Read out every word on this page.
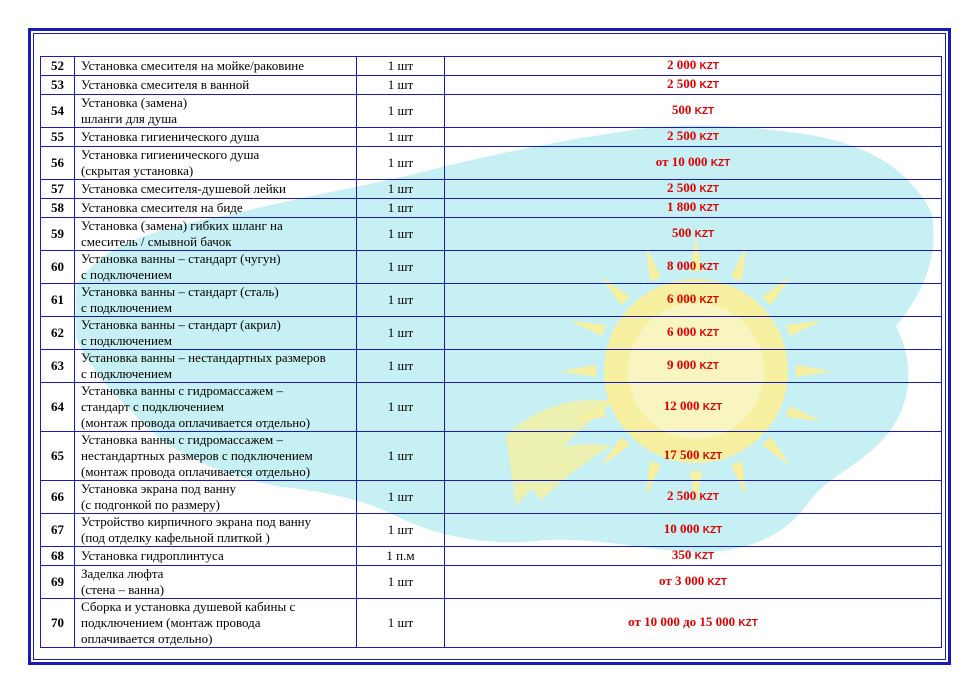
52	Установка смесителя на мойке/раковине	1 шт	2 000 KZT
53	Установка смесителя в ванной	1 шт	2 500 KZT
54	Установка (замена)
шланги для душа	1 шт	500 KZT
55	Установка гигиенического душа	1 шт	2 500 KZT
56	Установка гигиенического душа
(скрытая установка)	1 шт	от 10 000 KZT
57	Установка смесителя-душевой лейки	1 шт	2 500 KZT
58	Установка смесителя на биде	1 шт	1 800 KZT
59	Установка (замена) гибких шланг на
смеситель / смывной бачок	1 шт	500 KZT
60	Установка ванны – стандарт (чугун)
с подключением	1 шт	8 000 KZT
61	Установка ванны – стандарт (сталь)
с подключением	1 шт	6 000 KZT
62	Установка ванны – стандарт (акрил)
с подключением	1 шт	6 000 KZT
63	Установка ванны – нестандартных размеров
с подключением	1 шт	9 000 KZT
64	Установка ванны с гидромассажем –
стандарт с подключением
(монтаж провода оплачивается отдельно)	1 шт	12 000 KZT
65	Установка ванны с гидромассажем –
нестандартных размеров с подключением
(монтаж провода оплачивается отдельно)	1 шт	17 500 KZT
66	Установка экрана под ванну
(с подгонкой по размеру)	1 шт	2 500 KZT
67	Устройство кирпичного экрана под ванну
(под отделку кафельной плиткой )	1 шт	10 000 KZT
68	Установка гидроплинтуса	1 п.м	350 KZT
69	Заделка люфта
(стена – ванна)	1 шт	от 3 000 KZT
70	Сборка и установка душевой кабины с
подключением (монтаж провода
оплачивается отдельно)	1 шт	от 10 000 до 15 000 KZT
